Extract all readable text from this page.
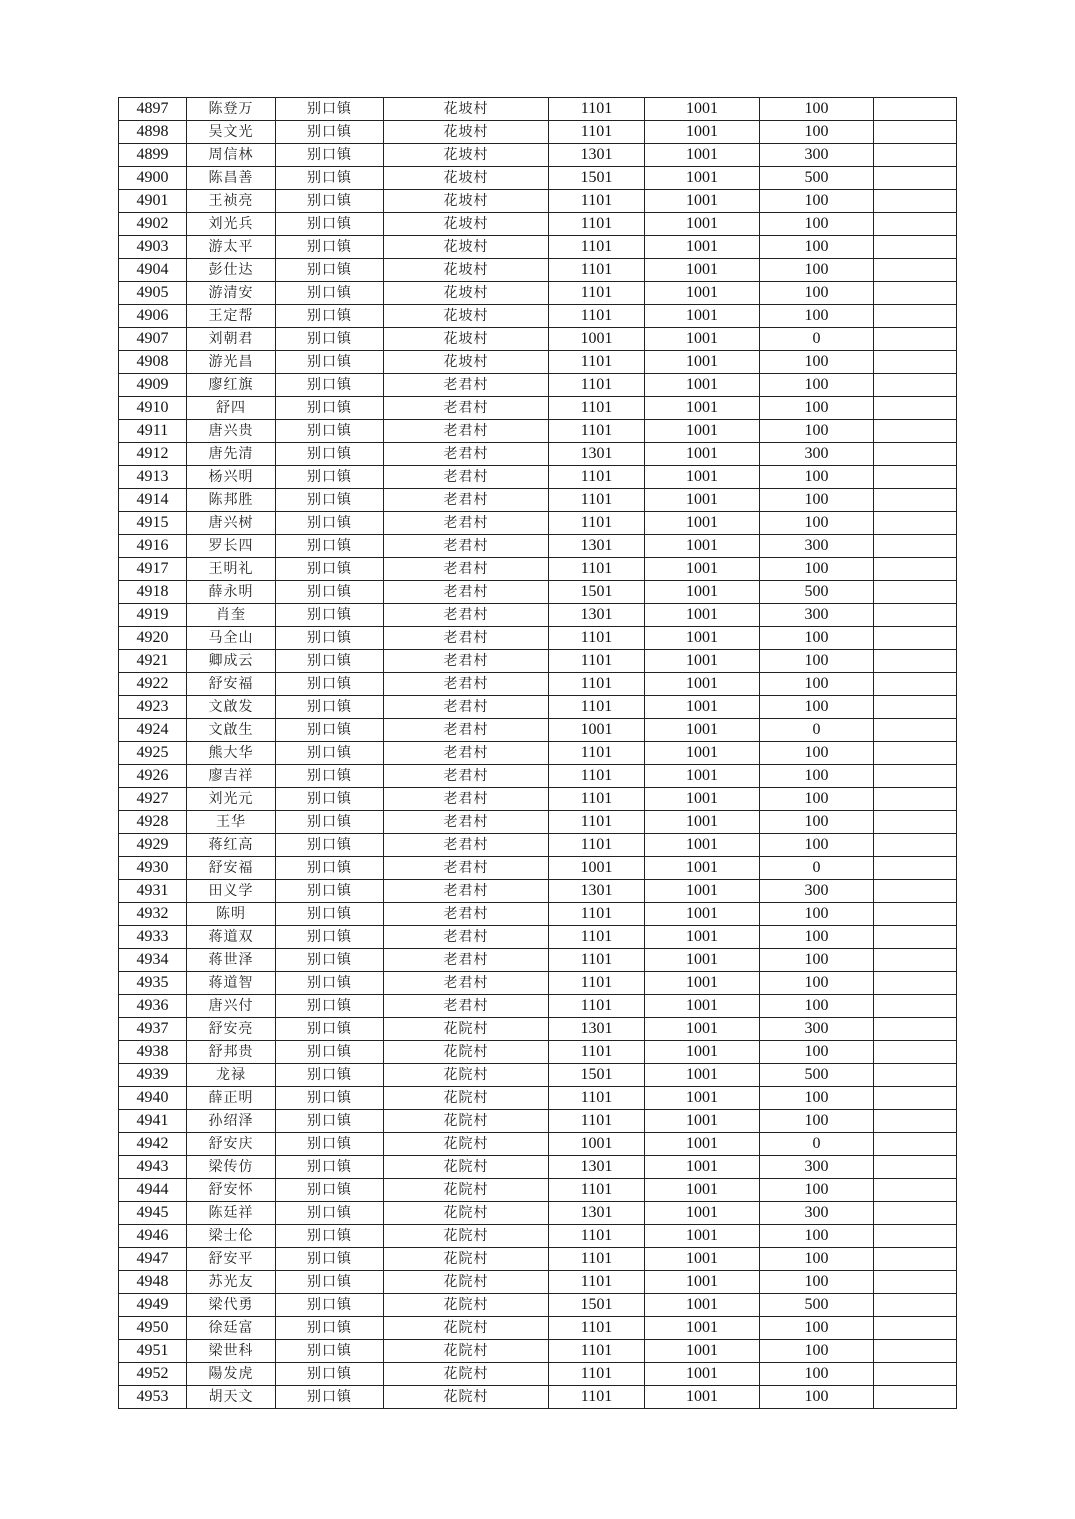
4897	陈登万	别口镇	花坡村	1101	1001	100	
4898	吴文光	别口镇	花坡村	1101	1001	100	
4899	周信林	别口镇	花坡村	1301	1001	300	
4900	陈昌善	别口镇	花坡村	1501	1001	500	
4901	王祯亮	别口镇	花坡村	1101	1001	100	
4902	刘光兵	别口镇	花坡村	1101	1001	100	
4903	游太平	别口镇	花坡村	1101	1001	100	
4904	彭仕达	别口镇	花坡村	1101	1001	100	
4905	游清安	别口镇	花坡村	1101	1001	100	
4906	王定帮	别口镇	花坡村	1101	1001	100	
4907	刘朝君	别口镇	花坡村	1001	1001	0	
4908	游光昌	别口镇	花坡村	1101	1001	100	
4909	廖红旗	别口镇	老君村	1101	1001	100	
4910	舒四	别口镇	老君村	1101	1001	100	
4911	唐兴贵	别口镇	老君村	1101	1001	100	
4912	唐先清	别口镇	老君村	1301	1001	300	
4913	杨兴明	别口镇	老君村	1101	1001	100	
4914	陈邦胜	别口镇	老君村	1101	1001	100	
4915	唐兴树	别口镇	老君村	1101	1001	100	
4916	罗长四	别口镇	老君村	1301	1001	300	
4917	王明礼	别口镇	老君村	1101	1001	100	
4918	薛永明	别口镇	老君村	1501	1001	500	
4919	肖奎	别口镇	老君村	1301	1001	300	
4920	马全山	别口镇	老君村	1101	1001	100	
4921	卿成云	别口镇	老君村	1101	1001	100	
4922	舒安福	别口镇	老君村	1101	1001	100	
4923	文啟发	别口镇	老君村	1101	1001	100	
4924	文啟生	别口镇	老君村	1001	1001	0	
4925	熊大华	别口镇	老君村	1101	1001	100	
4926	廖吉祥	别口镇	老君村	1101	1001	100	
4927	刘光元	别口镇	老君村	1101	1001	100	
4928	王华	别口镇	老君村	1101	1001	100	
4929	蒋红高	别口镇	老君村	1101	1001	100	
4930	舒安福	别口镇	老君村	1001	1001	0	
4931	田义学	别口镇	老君村	1301	1001	300	
4932	陈明	别口镇	老君村	1101	1001	100	
4933	蒋道双	别口镇	老君村	1101	1001	100	
4934	蒋世泽	别口镇	老君村	1101	1001	100	
4935	蒋道智	别口镇	老君村	1101	1001	100	
4936	唐兴付	别口镇	老君村	1101	1001	100	
4937	舒安亮	别口镇	花院村	1301	1001	300	
4938	舒邦贵	别口镇	花院村	1101	1001	100	
4939	龙禄	别口镇	花院村	1501	1001	500	
4940	薛正明	别口镇	花院村	1101	1001	100	
4941	孙绍泽	别口镇	花院村	1101	1001	100	
4942	舒安庆	别口镇	花院村	1001	1001	0	
4943	梁传仿	别口镇	花院村	1301	1001	300	
4944	舒安怀	别口镇	花院村	1101	1001	100	
4945	陈廷祥	别口镇	花院村	1301	1001	300	
4946	梁士伦	别口镇	花院村	1101	1001	100	
4947	舒安平	别口镇	花院村	1101	1001	100	
4948	苏光友	别口镇	花院村	1101	1001	100	
4949	梁代勇	别口镇	花院村	1501	1001	500	
4950	徐廷富	别口镇	花院村	1101	1001	100	
4951	梁世科	别口镇	花院村	1101	1001	100	
4952	陽发虎	别口镇	花院村	1101	1001	100	
4953	胡天文	别口镇	花院村	1101	1001	100	
